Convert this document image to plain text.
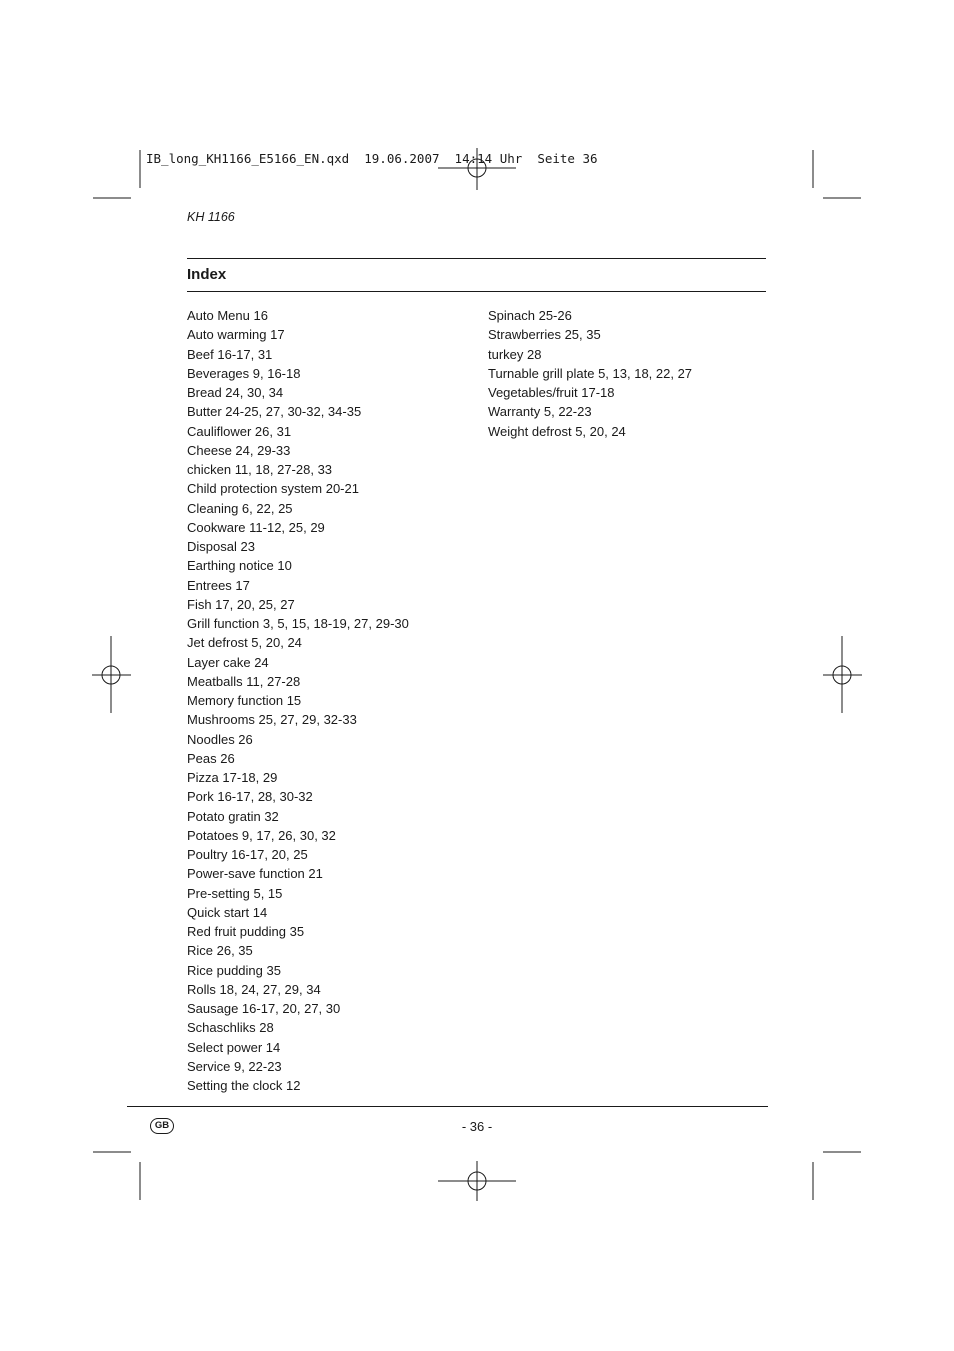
IB_long_KH1166_E5166_EN.qxd  19.06.2007  14:14 Uhr  Seite 36
KH 1166
Index
Auto Menu 16
Auto warming 17
Beef 16-17, 31
Beverages 9, 16-18
Bread 24, 30, 34
Butter 24-25, 27, 30-32, 34-35
Cauliflower 26, 31
Cheese 24, 29-33
chicken 11, 18, 27-28, 33
Child protection system 20-21
Cleaning 6, 22, 25
Cookware 11-12, 25, 29
Disposal 23
Earthing notice 10
Entrees 17
Fish 17, 20, 25, 27
Grill function 3, 5, 15, 18-19, 27, 29-30
Jet defrost 5, 20, 24
Layer cake 24
Meatballs 11, 27-28
Memory function 15
Mushrooms 25, 27, 29, 32-33
Noodles 26
Peas 26
Pizza 17-18, 29
Pork 16-17, 28, 30-32
Potato gratin 32
Potatoes 9, 17, 26, 30, 32
Poultry 16-17, 20, 25
Power-save function 21
Pre-setting 5, 15
Quick start 14
Red fruit pudding 35
Rice 26, 35
Rice pudding 35
Rolls 18, 24, 27, 29, 34
Sausage 16-17, 20, 27, 30
Schaschliks 28
Select power 14
Service 9, 22-23
Setting the clock 12
Spinach 25-26
Strawberries 25, 35
turkey 28
Turnable grill plate 5, 13, 18, 22, 27
Vegetables/fruit 17-18
Warranty 5, 22-23
Weight defrost 5, 20, 24
GB	- 36 -
